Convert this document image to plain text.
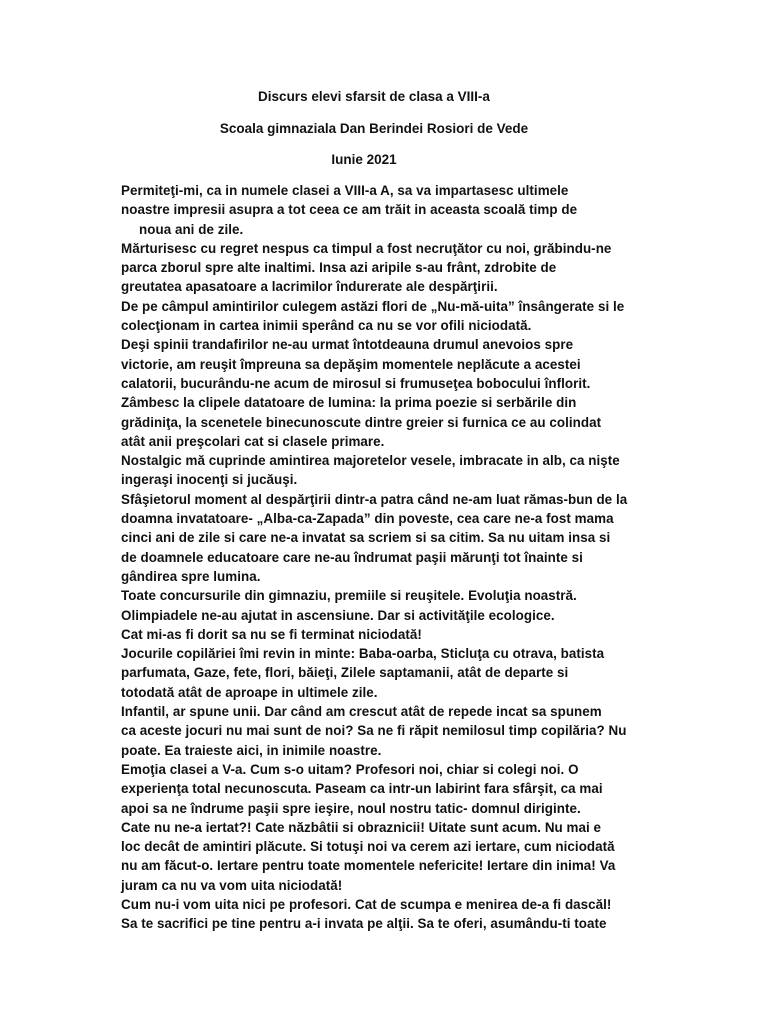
Discurs elevi sfarsit de clasa a VIII-a

Scoala gimnaziala Dan Berindei Rosiori de Vede

Iunie 2021

Permiteţi-mi, ca in numele clasei a VIII-a A, sa va impartasesc ultimele
noastre impresii asupra a tot ceea ce am trăit in aceasta scoală timp de
noua ani de zile.
Mărturisesc cu regret nespus ca timpul a fost necruţător cu noi, grăbindu-ne
parca zborul spre alte inaltimi. Insa azi aripile s-au frânt, zdrobite de
greutatea apasatoare a lacrimilor îndurerate ale despărţirii.
De pe câmpul amintirilor culegem astăzi flori de „Nu-mă-uita” însângerate si le
colecţionam in cartea inimii sperând ca nu se vor ofili niciodată.
Deşi spinii trandafirilor ne-au urmat întotdeauna drumul anevoios spre
victorie, am reuşit împreuna sa depăşim momentele neplăcute a acestei
calatorii, bucurându-ne acum de mirosul si frumuseţea bobocului înflorit.
Zâmbesc la clipele datatoare de lumina: la prima poezie si serbările din
grădiniţa, la scenetele binecunoscute dintre greier si furnica ce au colindat
atât anii preşcolari cat si clasele primare.
Nostalgic mă cuprinde amintirea majoretelor vesele, imbracate in alb, ca nişte
ingeraşi inocenţi si jucăuşi.
Sfâşietorul moment al despărţirii dintr-a patra când ne-am luat rămas-bun de la
doamna invatatoare- „Alba-ca-Zapada” din poveste, cea care ne-a fost mama
cinci ani de zile si care ne-a invatat sa scriem si sa citim. Sa nu uitam insa si
de doamnele educatoare care ne-au îndrumat paşii mărunţi tot înainte si
gândirea spre lumina.
Toate concursurile din gimnaziu, premiile si reuşitele. Evoluţia noastră.
Olimpiadele ne-au ajutat in ascensiune. Dar si activităţile ecologice.
Cat mi-as fi dorit sa nu se fi terminat niciodată!
Jocurile copilăriei îmi revin in minte: Baba-oarba, Sticluţa cu otrava, batista
parfumata, Gaze, fete, flori, băieţi, Zilele saptamanii, atât de departe si
totodată atât de aproape in ultimele zile.
Infantil, ar spune unii. Dar când am crescut atât de repede incat sa spunem
ca aceste jocuri nu mai sunt de noi? Sa ne fi răpit nemilosul timp copilăria? Nu
poate. Ea traieste aici, in inimile noastre.
Emoţia clasei a V-a. Cum s-o uitam? Profesori noi, chiar si colegi noi. O
experienţa total necunoscuta. Paseam ca intr-un labirint fara sfârşit, ca mai
apoi sa ne îndrume paşii spre ieşire, noul nostru tatic- domnul diriginte.
Cate nu ne-a iertat?! Cate năzbâtii si obraznicii! Uitate sunt acum. Nu mai e
loc decât de amintiri plăcute. Si totuşi noi va cerem azi iertare, cum niciodată
nu am făcut-o. Iertare pentru toate momentele nefericite! Iertare din inima! Va
juram ca nu va vom uita niciodată!
Cum nu-i vom uita nici pe profesori. Cat de scumpa e menirea de-a fi dascăl!
Sa te sacrifici pe tine pentru a-i invata pe alţii. Sa te oferi, asumându-ti toate
